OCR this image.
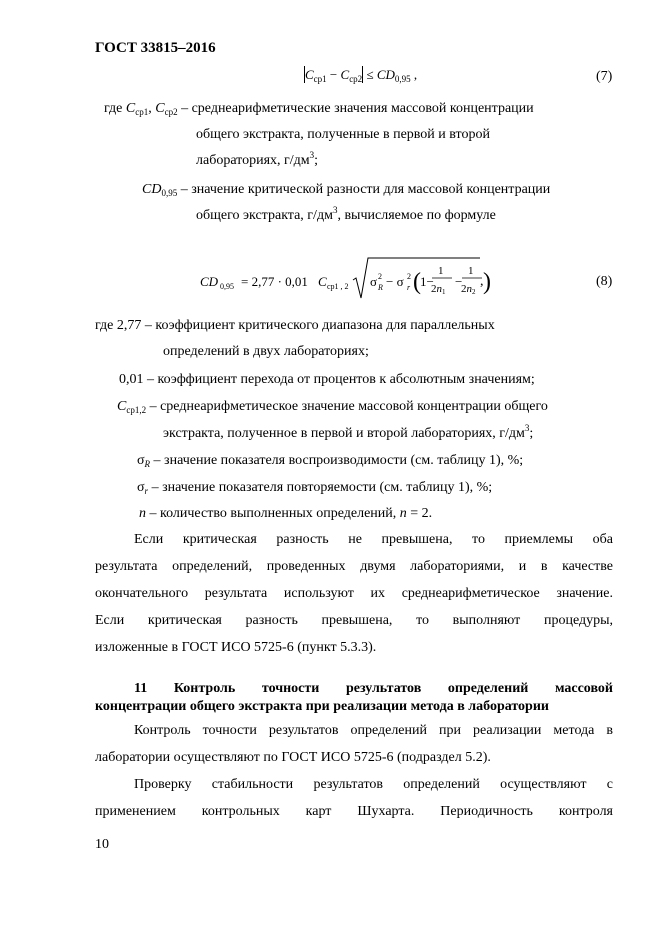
ГОСТ 33815–2016
$C_{ср1} - C_{ср2} \le CD_{0,95}$ ,	(7)
где $C_{ср1}$, $C_{ср2}$ – среднеарифметические значения массовой концентрации
общего экстракта, полученные в первой и второй
лабораториях, $г/дм^3$;
$CD_{0,95}$ – значение критической разности для массовой концентрации
общего экстракта, $г/дм^3$, вычисляемое по формуле
CD 0,95 = 2,77 · 0,01 C ср1 , 2 σ R
2 − σ r
2 ( 1−
1
2n1
−
1
2n2 )
,	(8)
где 2,77 – коэффициент критического диапазона для параллельных
определений в двух лабораториях;
0,01 – коэффициент перехода от процентов к абсолютным значениям;
$C_{ср1,2}$ – среднеарифметическое значение массовой концентрации общего
экстракта, полученное в первой и второй лабораториях, $г/дм^3$;
$\sigma_R$ – значение показателя воспроизводимости (см. таблицу 1), %;
$\sigma_r$ – значение показателя повторяемости (см. таблицу 1), %;
n – количество выполненных определений, n = 2.
Если критическая разность не превышена, то приемлемы оба
результата определений, проведенных двумя лабораториями, и в качестве
окончательного результата используют их среднеарифметическое значение.
Если критическая разность превышена, то выполняют процедуры,
изложенные в ГОСТ ИСО 5725-6 (пункт 5.3.3).
11 Контроль точности результатов определений массовой
концентрации общего экстракта при реализации метода в лаборатории
Контроль точности результатов определений при реализации метода в
лаборатории осуществляют по ГОСТ ИСО 5725-6 (подраздел 5.2).
Проверку стабильности результатов определений осуществляют с
применением контрольных карт Шухарта. Периодичность контроля
10
